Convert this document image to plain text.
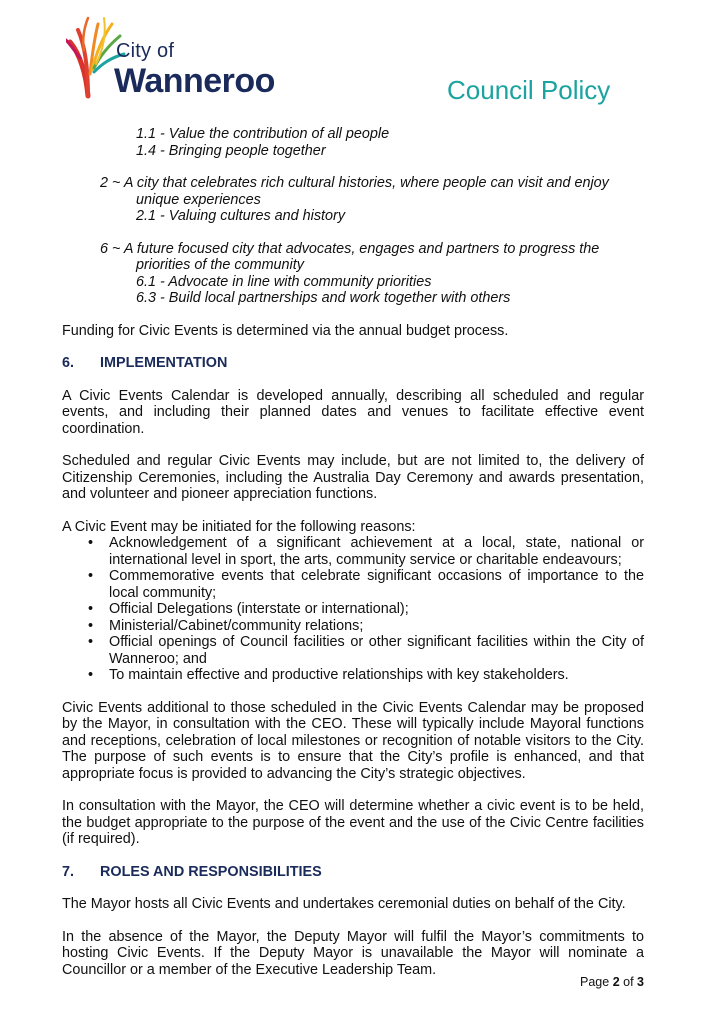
City of
Wanneroo	Council Policy
1.1 - Value the contribution of all people
1.4 - Bringing people together
2 ~ A city that celebrates rich cultural histories, where people can visit and enjoy unique experiences
2.1 - Valuing cultures and history
6 ~ A future focused city that advocates, engages and partners to progress the priorities of the community
6.1 - Advocate in line with community priorities
6.3 - Build local partnerships and work together with others

Funding for Civic Events is determined via the annual budget process.

6.	IMPLEMENTATION

A Civic Events Calendar is developed annually, describing all scheduled and regular events, and including their planned dates and venues to facilitate effective event coordination.

Scheduled and regular Civic Events may include, but are not limited to, the delivery of Citizenship Ceremonies, including the Australia Day Ceremony and awards presentation, and volunteer and pioneer appreciation functions.

A Civic Event may be initiated for the following reasons:

• Acknowledgement of a significant achievement at a local, state, national or international level in sport, the arts, community service or charitable endeavours;
• Commemorative events that celebrate significant occasions of importance to the local community;
• Official Delegations (interstate or international);
• Ministerial/Cabinet/community relations;
• Official openings of Council facilities or other significant facilities within the City of Wanneroo; and
• To maintain effective and productive relationships with key stakeholders.

Civic Events additional to those scheduled in the Civic Events Calendar may be proposed by the Mayor, in consultation with the CEO. These will typically include Mayoral functions and receptions, celebration of local milestones or recognition of notable visitors to the City. The purpose of such events is to ensure that the City’s profile is enhanced, and that appropriate focus is provided to advancing the City’s strategic objectives.

In consultation with the Mayor, the CEO will determine whether a civic event is to be held, the budget appropriate to the purpose of the event and the use of the Civic Centre facilities (if required).

7.	ROLES AND RESPONSIBILITIES

The Mayor hosts all Civic Events and undertakes ceremonial duties on behalf of the City.

In the absence of the Mayor, the Deputy Mayor will fulfil the Mayor’s commitments to hosting Civic Events. If the Deputy Mayor is unavailable the Mayor will nominate a Councillor or a member of the Executive Leadership Team.

Page 2 of 3
